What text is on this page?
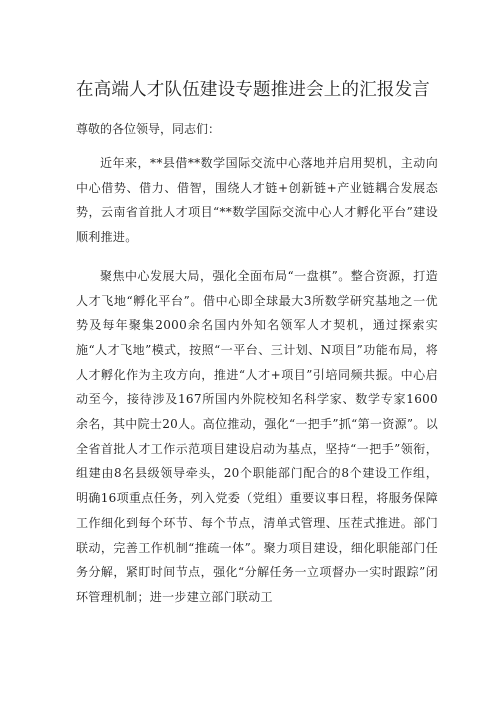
在高端人才队伍建设专题推进会上的汇报发言

尊敬的各位领导，同志们：

近年来，**县借**数学国际交流中心落地并启用契机，主动向中心借势、借力、借智，围绕人才链+创新链+产业链耦合发展态势，云南省首批人才项目“**数学国际交流中心人才孵化平台”建设顺利推进。

聚焦中心发展大局，强化全面布局“一盘棋”。整合资源，打造人才飞地“孵化平台”。借中心即全球最大3所数学研究基地之一优势及每年聚集2000余名国内外知名领军人才契机，通过探索实施“人才飞地”模式，按照“一平台、三计划、N项目”功能布局，将人才孵化作为主攻方向，推进“人才+项目”引培同频共振。中心启动至今，接待涉及167所国内外院校知名科学家、数学专家1600余名，其中院士20人。高位推动，强化“一把手”抓“第一资源”。以全省首批人才工作示范项目建设启动为基点，坚持“一把手”领衔，组建由8名县级领导牵头，20个职能部门配合的8个建设工作组，明确16项重点任务，列入党委（党组）重要议事日程，将服务保障工作细化到每个环节、每个节点，清单式管理、压茬式推进。部门联动，完善工作机制“推疏一体”。聚力项目建设，细化职能部门任务分解，紧盯时间节点，强化“分解任务一立项督办一实时跟踪”闭环管理机制；进一步建立部门联动工
